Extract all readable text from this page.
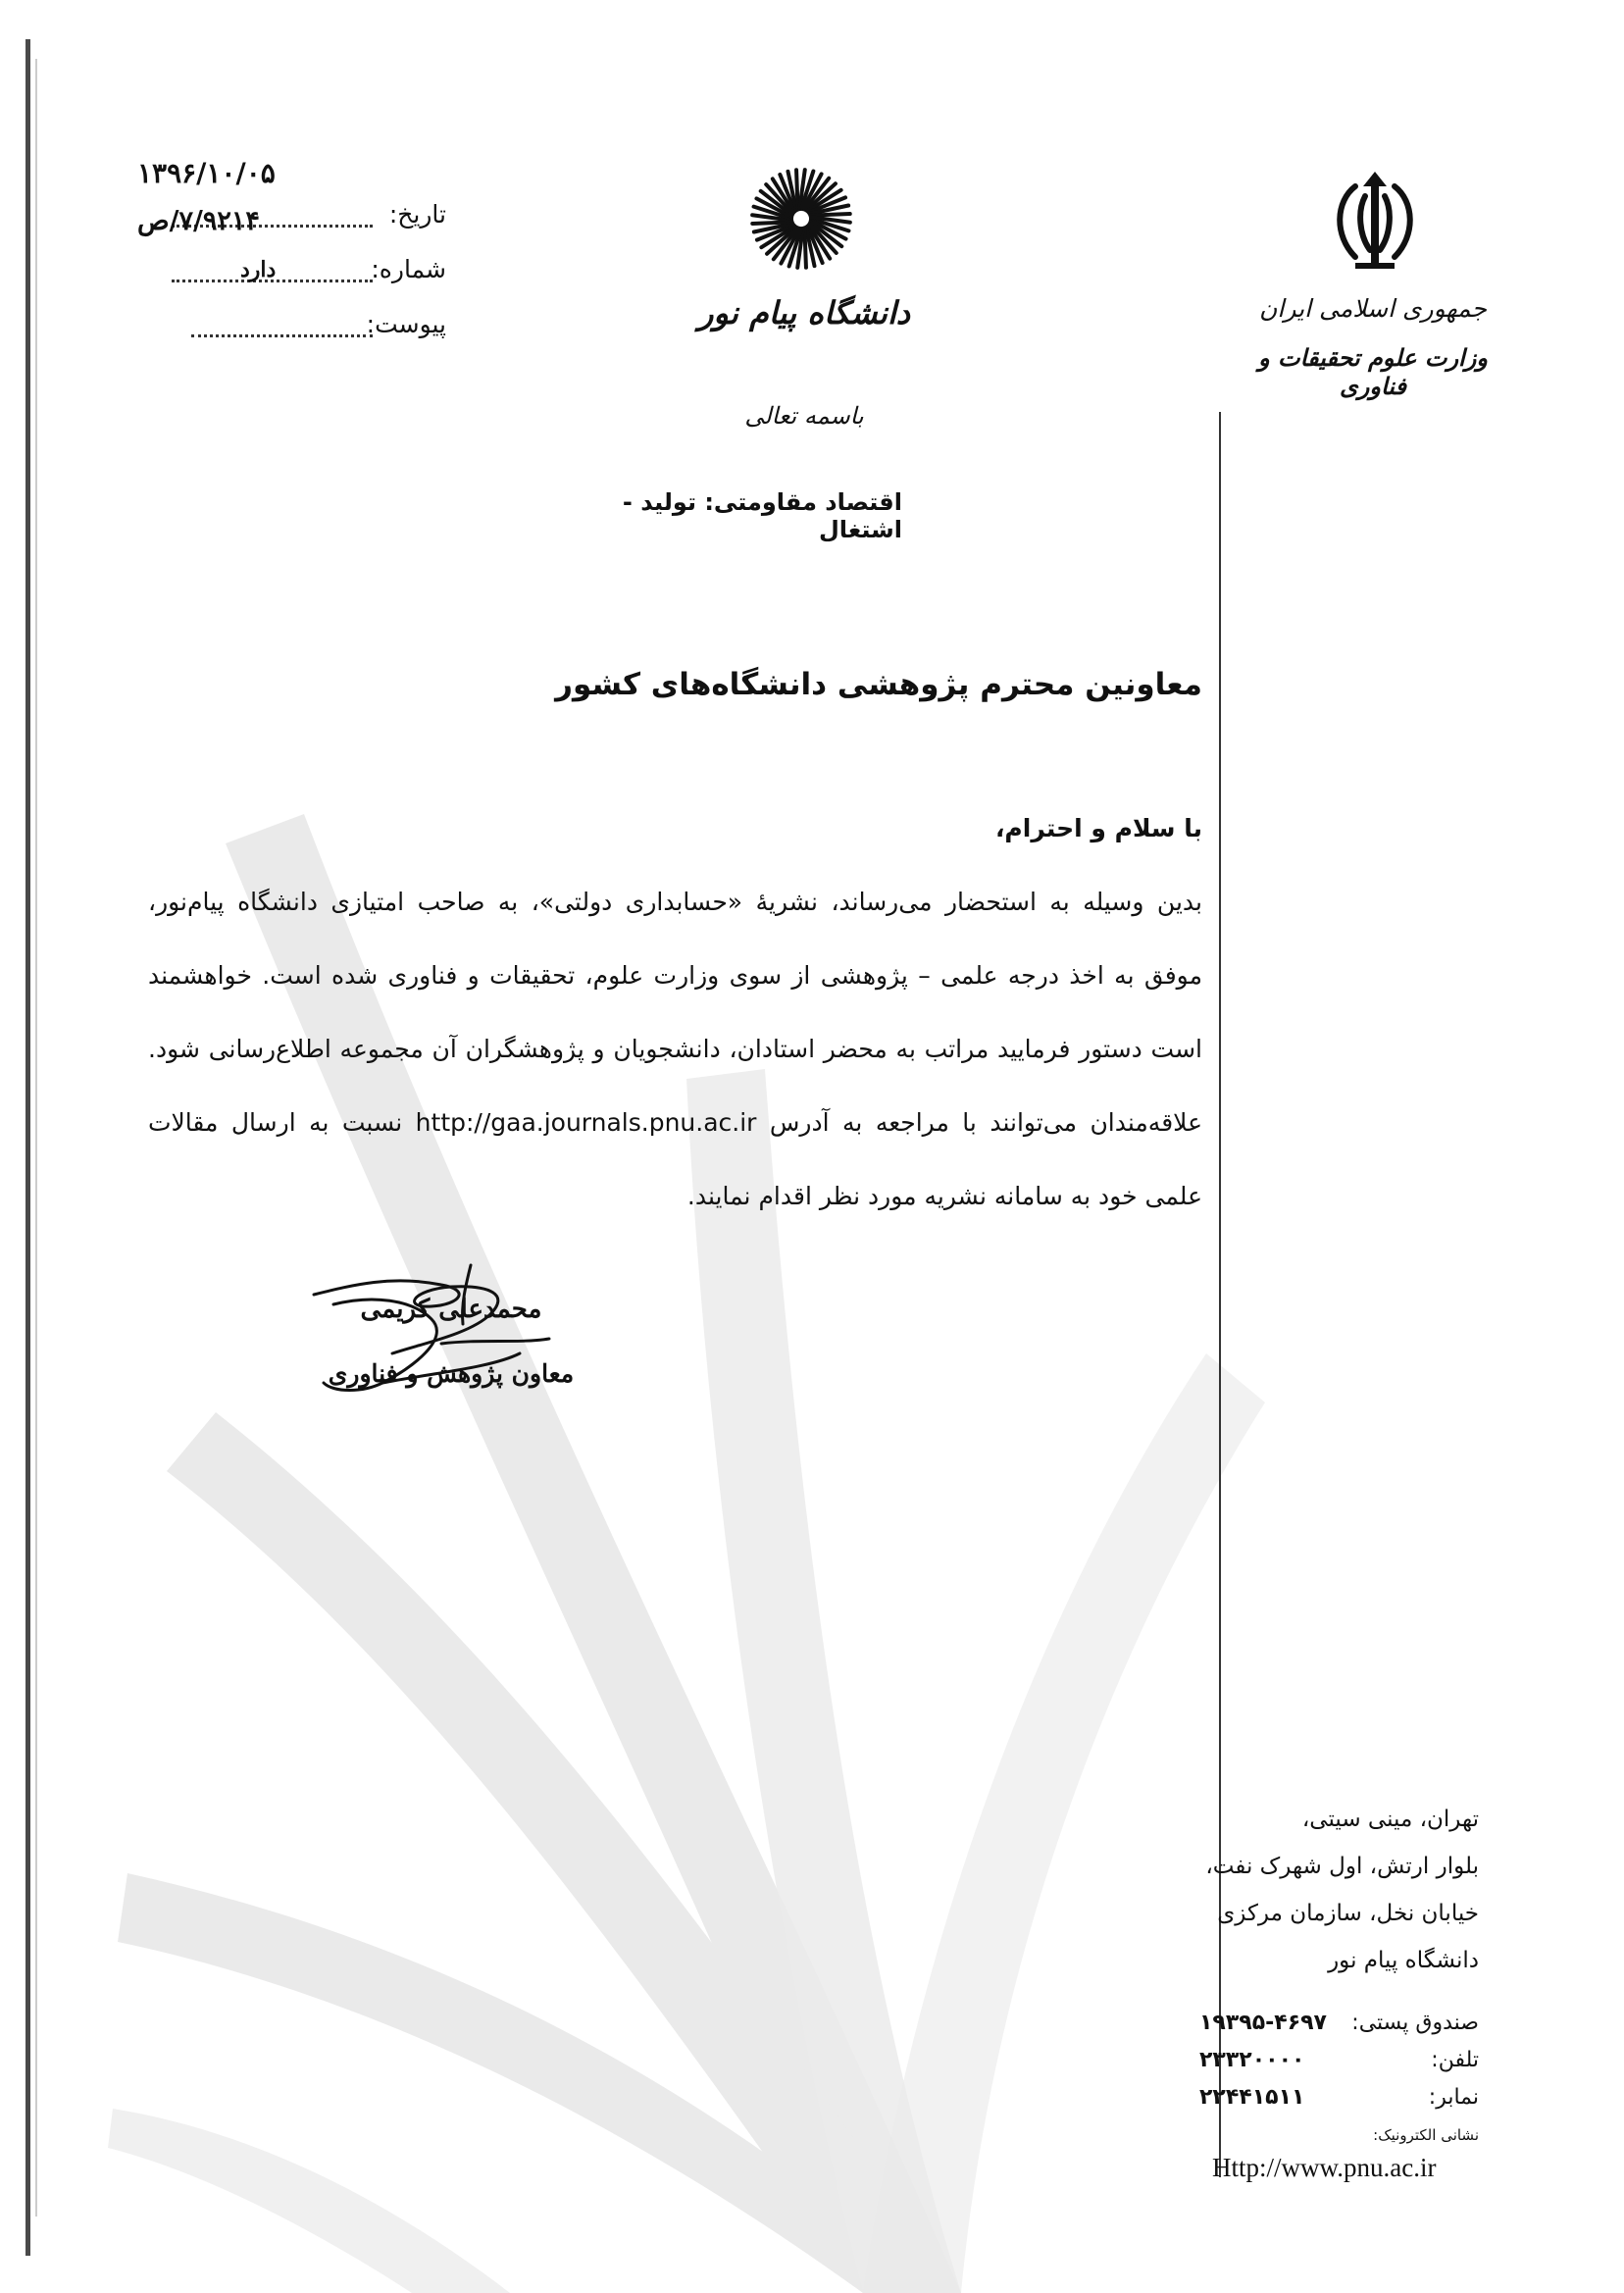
۱۳۹۶/۱۰/۰۵
تاریخ:
۷/۹۲۱۴/ص
شماره:
دارد
پیوست:	دانشگاه پیام نور
باسمه تعالی
اقتصاد مقاومتی: تولید - اشتغال
جمهوری اسلامی ایران
وزارت علوم تحقیقات و فناوری
معاونین محترم پژوهشی دانشگاه‌های کشور
با سلام و احترام،
بدین وسیله به استحضار می‌رساند، نشریهٔ «حسابداری دولتی»، به صاحب امتیازی دانشگاه پیام‌نور،
موفق به اخذ درجه علمی – پژوهشی از سوی وزارت علوم، تحقیقات و فناوری شده است. خواهشمند
است دستور فرمایید مراتب به محضر استادان، دانشجویان و پژوهشگران آن مجموعه اطلاع‌رسانی شود.
علاقه‌مندان می‌توانند با مراجعه به آدرس http://gaa.journals.pnu.ac.ir نسبت به ارسال مقالات
علمی خود به سامانه نشریه مورد نظر اقدام نمایند.
محمدعلی کریمی
معاون پژوهش و فناوری
تهران، مینی سیتی،
بلوار ارتش، اول شهرک نفت،
خیابان نخل، سازمان مرکزی
دانشگاه پیام نور
صندوق پستی:
۱۹۳۹۵-۴۶۹۷
تلفن:
۲۳۳۲۰۰۰۰
نمابر:
۲۲۴۴۱۵۱۱
نشانی الکترونیک:
Http://www.pnu.ac.ir
